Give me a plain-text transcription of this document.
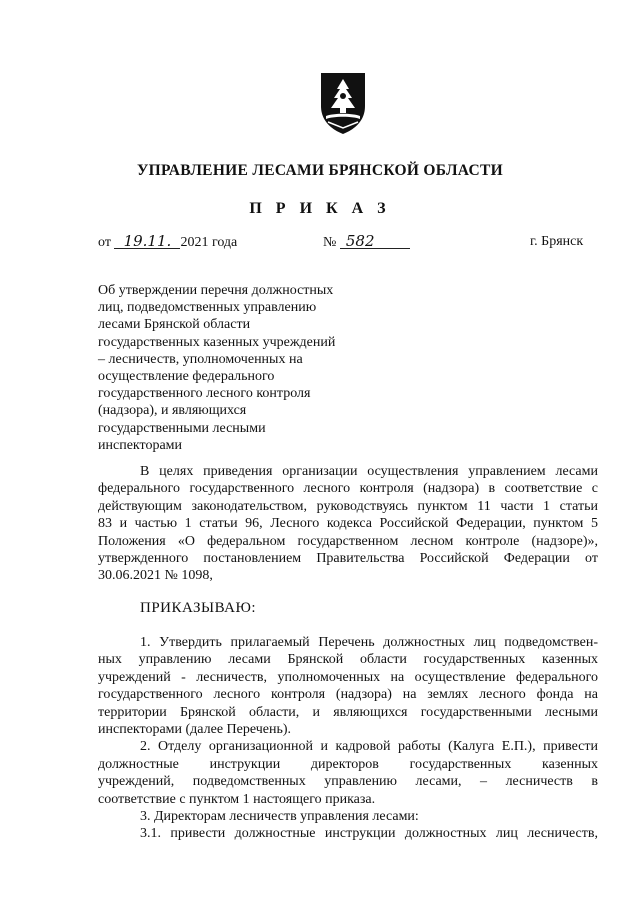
УПРАВЛЕНИЕ ЛЕСАМИ БРЯНСКОЙ ОБЛАСТИ
П Р И К А З
от 19.11. 2021 года	№ 582	г. Брянск
Об утверждении перечня должностных
лиц, подведомственных управлению
лесами Брянской области
государственных казенных учреждений
– лесничеств, уполномоченных на
осуществление федерального
государственного лесного контроля
(надзора), и являющихся
государственными лесными
инспекторами
В целях приведения организации осуществления управлением лесами
федерального государственного лесного контроля (надзора) в соответствие с
действующим законодательством, руководствуясь пунктом 11 части 1 статьи
83 и частью 1 статьи 96, Лесного кодекса Российской Федерации, пунктом 5
Положения «О федеральном государственном лесном контроле (надзоре)»,
утвержденного постановлением Правительства Российской Федерации от
30.06.2021 № 1098,
ПРИКАЗЫВАЮ:
1. Утвердить прилагаемый Перечень должностных лиц подведомствен-
ных управлению лесами Брянской области государственных казенных
учреждений - лесничеств, уполномоченных на осуществление федерального
государственного лесного контроля (надзора) на землях лесного фонда на
территории Брянской области, и являющихся государственными лесными
инспекторами (далее Перечень).
2. Отделу организационной и кадровой работы (Калуга Е.П.), привести
должностные инструкции директоров государственных казенных
учреждений, подведомственных управлению лесами, – лесничеств в
соответствие с пунктом 1 настоящего приказа.
3. Директорам лесничеств управления лесами:
3.1. привести должностные инструкции должностных лиц лесничеств,
